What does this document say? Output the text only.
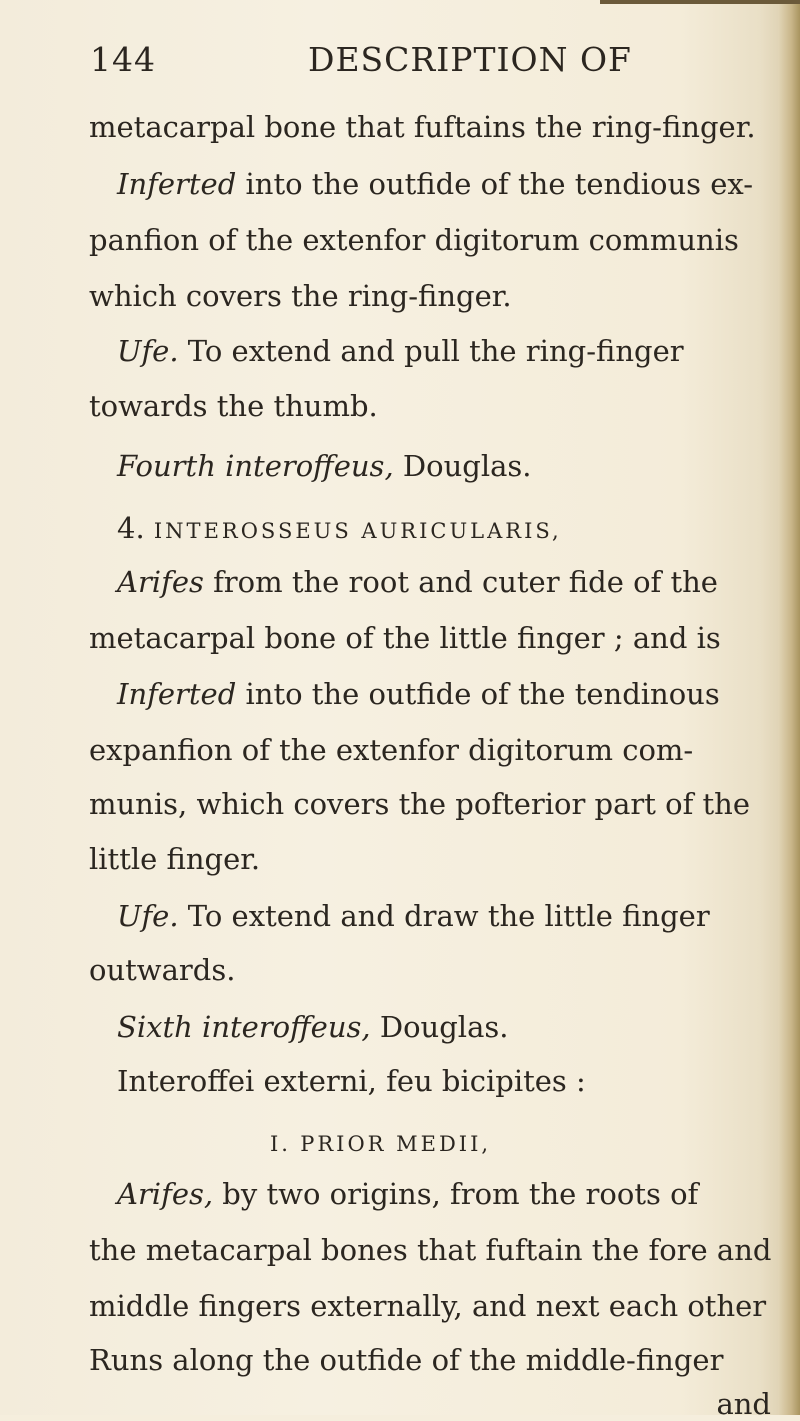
144	DESCRIPTION OF
metacarpal bone that fuftains the ring-finger.
Inferted into the outfide of the tendious ex-
panfion of the extenfor digitorum communis
which covers the ring-finger.
Ufe. To extend and pull the ring-finger
towards the thumb.
Fourth interoffeus, Douglas.
4. INTEROSSEUS AURICULARIS,
Arifes from the root and cuter fide of the
metacarpal bone of the little finger ; and is
Inferted into the outfide of the tendinous
expanfion of the extenfor digitorum com-
munis, which covers the pofterior part of the
little finger.
Ufe. To extend and draw the little finger
outwards.
Sixth interoffeus, Douglas.
Interoffei externi, feu bicipites :
I. PRIOR MEDII,
Arifes, by two origins, from the roots of
the metacarpal bones that fuftain the fore and
middle fingers externally, and next each other
Runs along the outfide of the middle-finger
and
